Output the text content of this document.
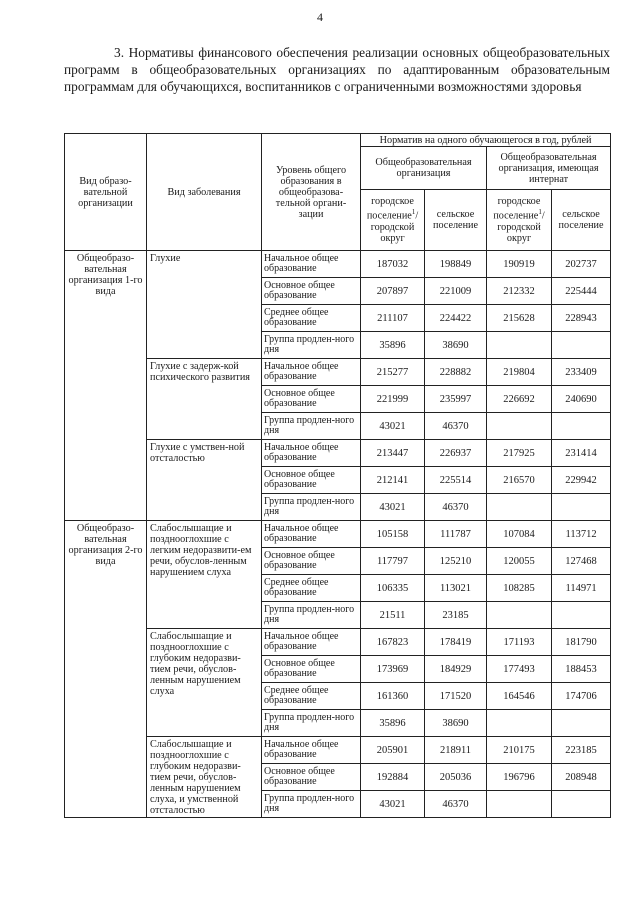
4
3. Нормативы финансового обеспечения реализации основных общеобразовательных программ в общеобразовательных организациях по адаптированным образовательным программам для обучающихся, воспитанников с ограниченными возможностями здоровья
Вид образо-вательной организации	Вид заболевания	Уровень общего образования в общеобразова-тельной органи-зации	Норматив на одного обучающегося в год, рублей			
			Общеобразовательная организация		Общеобразовательная организация, имеющая интернат	
			городское поселение$^1$/ городской округ	сельское поселение	городское поселение$^1$/ городской округ	сельское поселение
Общеобразо-вательная организация 1-го вида	Глухие	Начальное общее образование	187032	198849	190919	202737
		Основное общее образование	207897	221009	212332	225444
		Среднее общее образование	211107	224422	215628	228943
		Группа продлен-ного дня	35896	38690		
	Глухие с задерж-кой психического развития	Начальное общее образование	215277	228882	219804	233409
		Основное общее образование	221999	235997	226692	240690
		Группа продлен-ного дня	43021	46370		
	Глухие с умствен-ной отсталостью	Начальное общее образование	213447	226937	217925	231414
		Основное общее образование	212141	225514	216570	229942
		Группа продлен-ного дня	43021	46370		
Общеобразо-вательная организация 2-го вида	Слабослышащие и позднооглохшие с легким недоразвити-ем речи, обуслов-ленным нарушением слуха	Начальное общее образование	105158	111787	107084	113712
		Основное общее образование	117797	125210	120055	127468
		Среднее общее образование	106335	113021	108285	114971
		Группа продлен-ного дня	21511	23185		
	Слабослышащие и позднооглохшие с глубоким недоразви-тием речи, обуслов-ленным нарушением слуха	Начальное общее образование	167823	178419	171193	181790
		Основное общее образование	173969	184929	177493	188453
		Среднее общее образование	161360	171520	164546	174706
		Группа продлен-ного дня	35896	38690		
	Слабослышащие и позднооглохшие с глубоким недоразви-тием речи, обуслов-ленным нарушением слуха, и умственной отсталостью	Начальное общее образование	205901	218911	210175	223185
		Основное общее образование	192884	205036	196796	208948
		Группа продлен-ного дня	43021	46370		
